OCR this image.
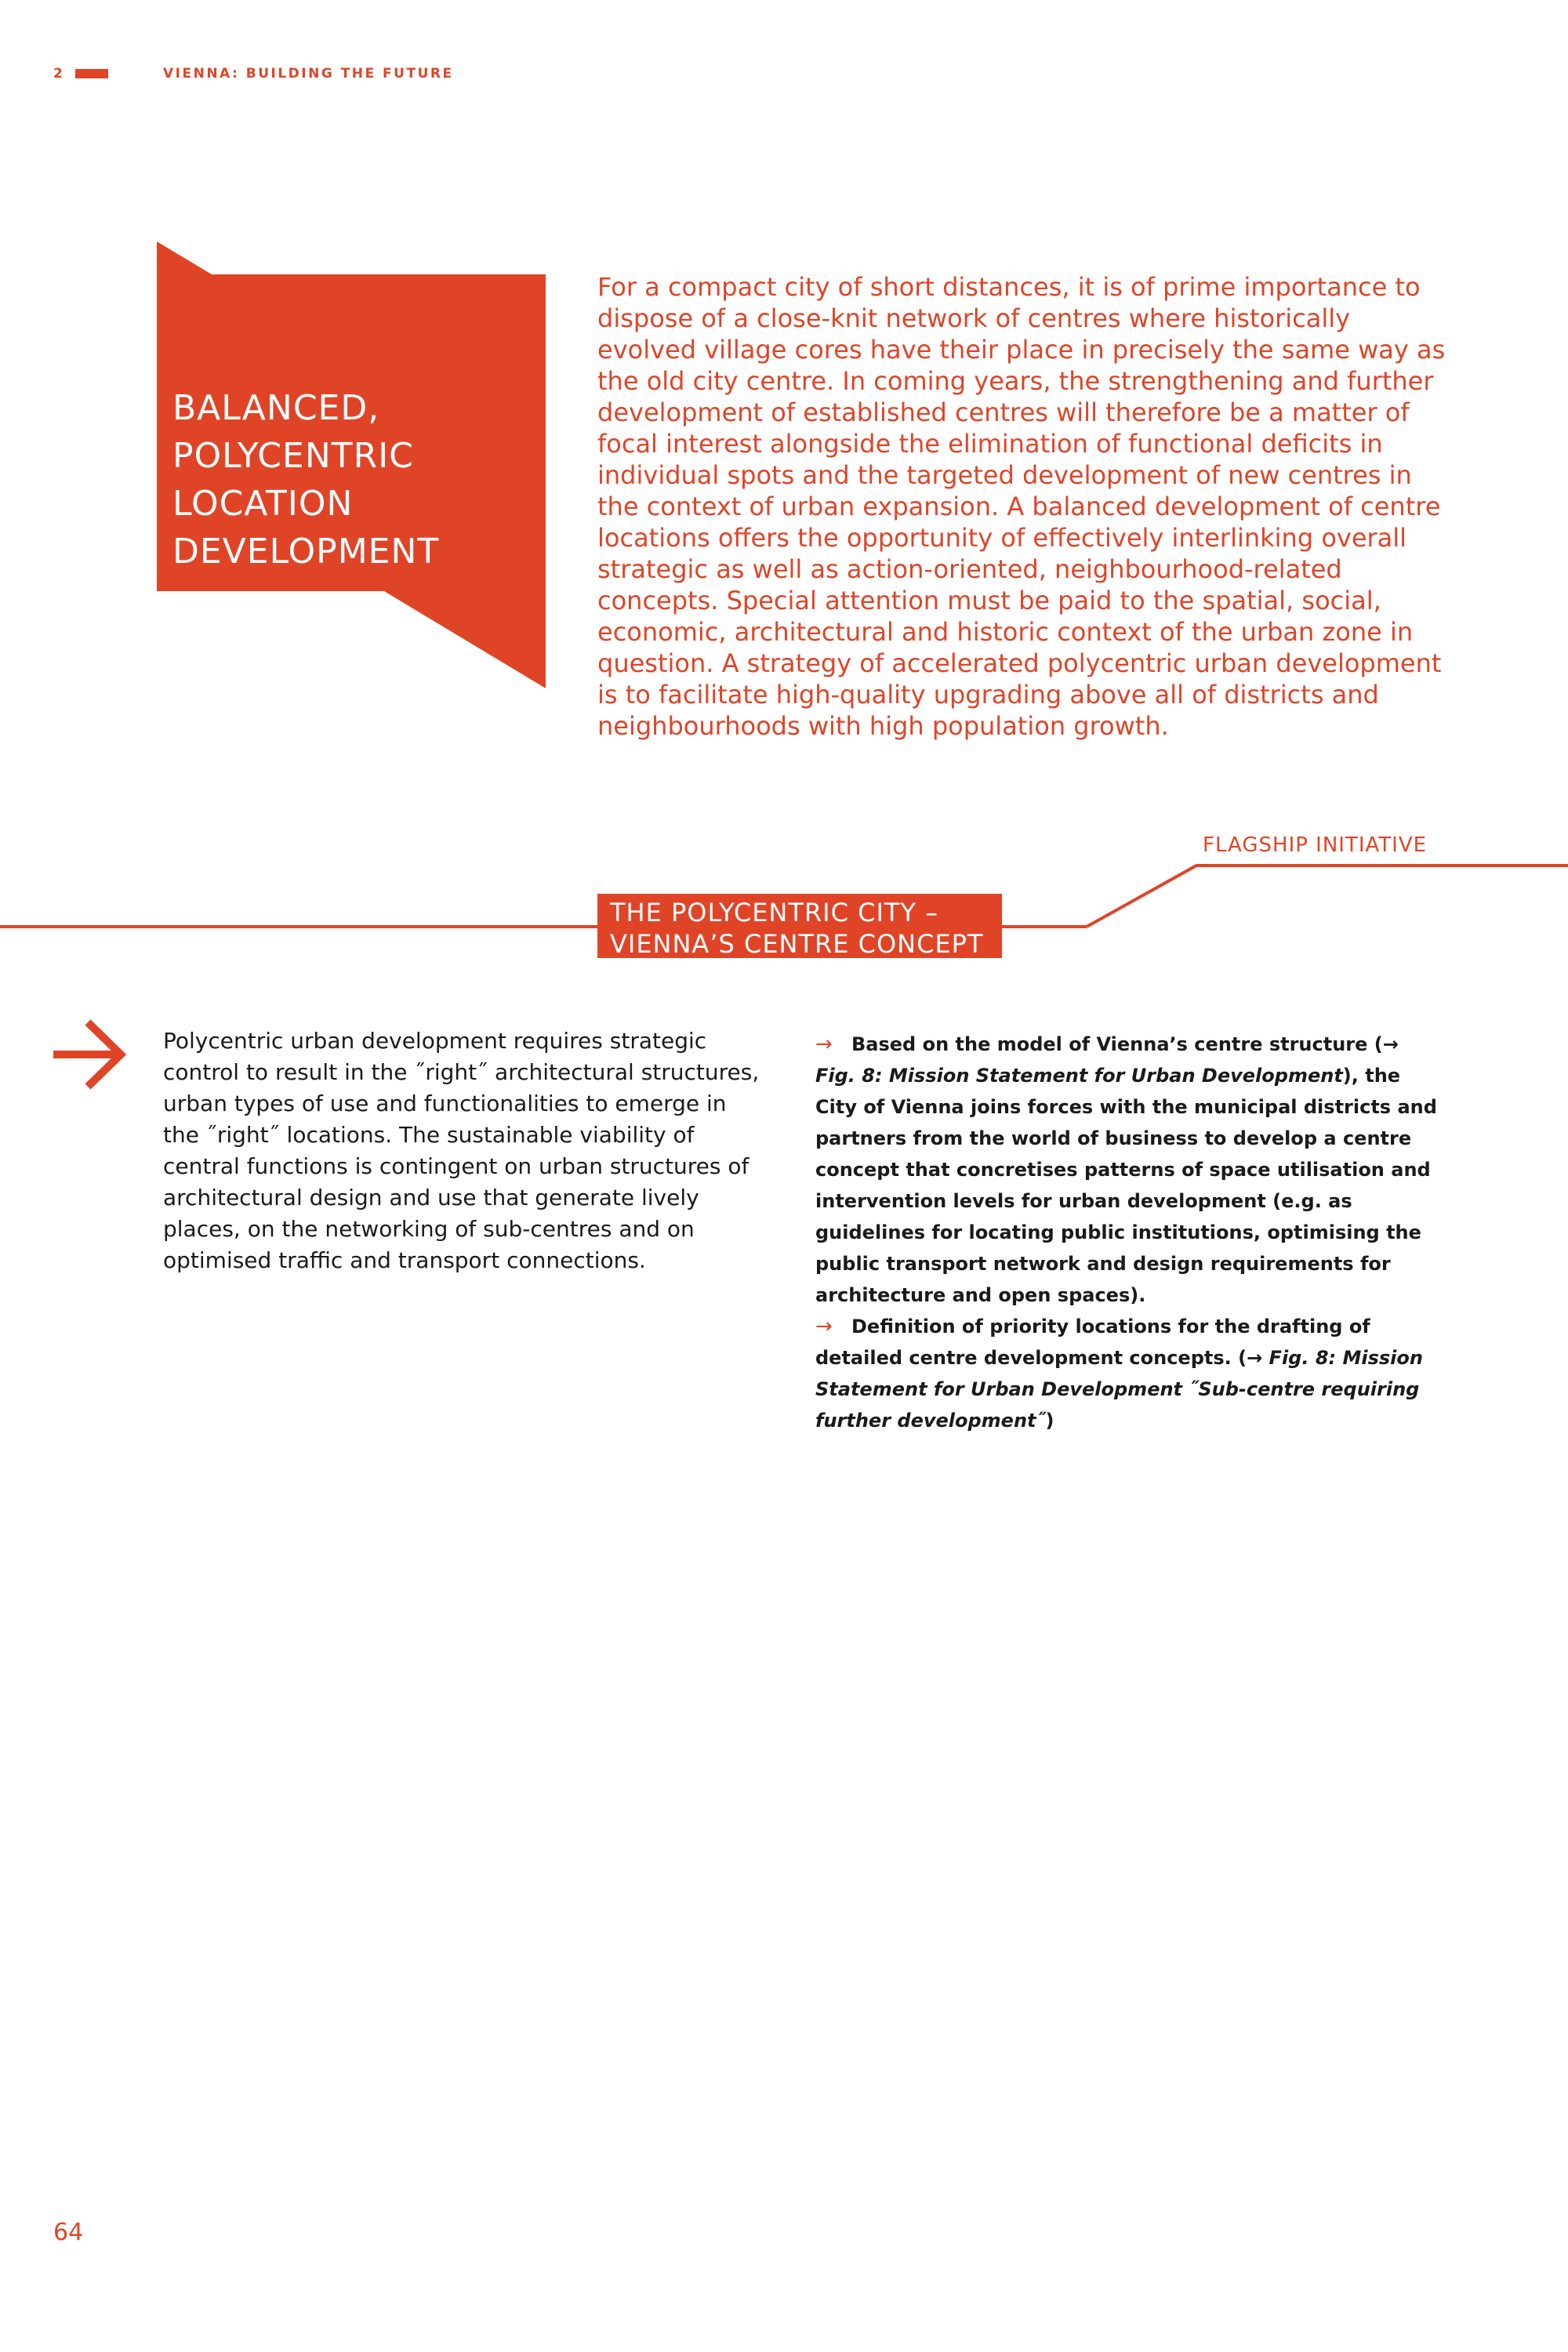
2	VIENNA: BUILDING THE FUTURE
BALANCED,
POLYCENTRIC
LOCATION
DEVELOPMENT

For a compact city of short distances, it is of prime importance to dispose of a close-knit network of centres where historically evolved village cores have their place in precisely the same way as the old city centre. In coming years, the strengthening and further development of established centres will therefore be a matter of focal interest alongside the elimination of functional deficits in individual spots and the targeted development of new centres in the context of urban expansion. A balanced development of centre locations offers the opportunity of effectively interlinking overall strategic as well as action-oriented, neighbourhood-related concepts. Special attention must be paid to the spatial, social, economic, architectural and historic context of the urban zone in question. A strategy of accelerated polycentric urban development is to facilitate high-quality upgrading above all of districts and neighbourhoods with high population growth.

FLAGSHIP INITIATIVE
THE POLYCENTRIC CITY –
VIENNA’S CENTRE CONCEPT

Polycentric urban development requires strategic control to result in the ˝right˝ architectural structures, urban types of use and functionalities to emerge in the ˝right˝ locations. The sustainable viability of central functions is contingent on urban structures of architectural design and use that generate lively places, on the networking of sub-centres and on optimised traffic and transport connections.

→ Based on the model of Vienna’s centre structure (→ Fig. 8: Mission Statement for Urban Development), the City of Vienna joins forces with the municipal districts and partners from the world of business to develop a centre concept that concretises patterns of space utilisation and intervention levels for urban development (e.g. as guidelines for locating public institutions, optimising the public transport network and design requirements for architecture and open spaces).

→ Definition of priority locations for the drafting of detailed centre development concepts. (→ Fig. 8: Mission Statement for Urban Development ˝Sub-centre requiring further development˝)

64
